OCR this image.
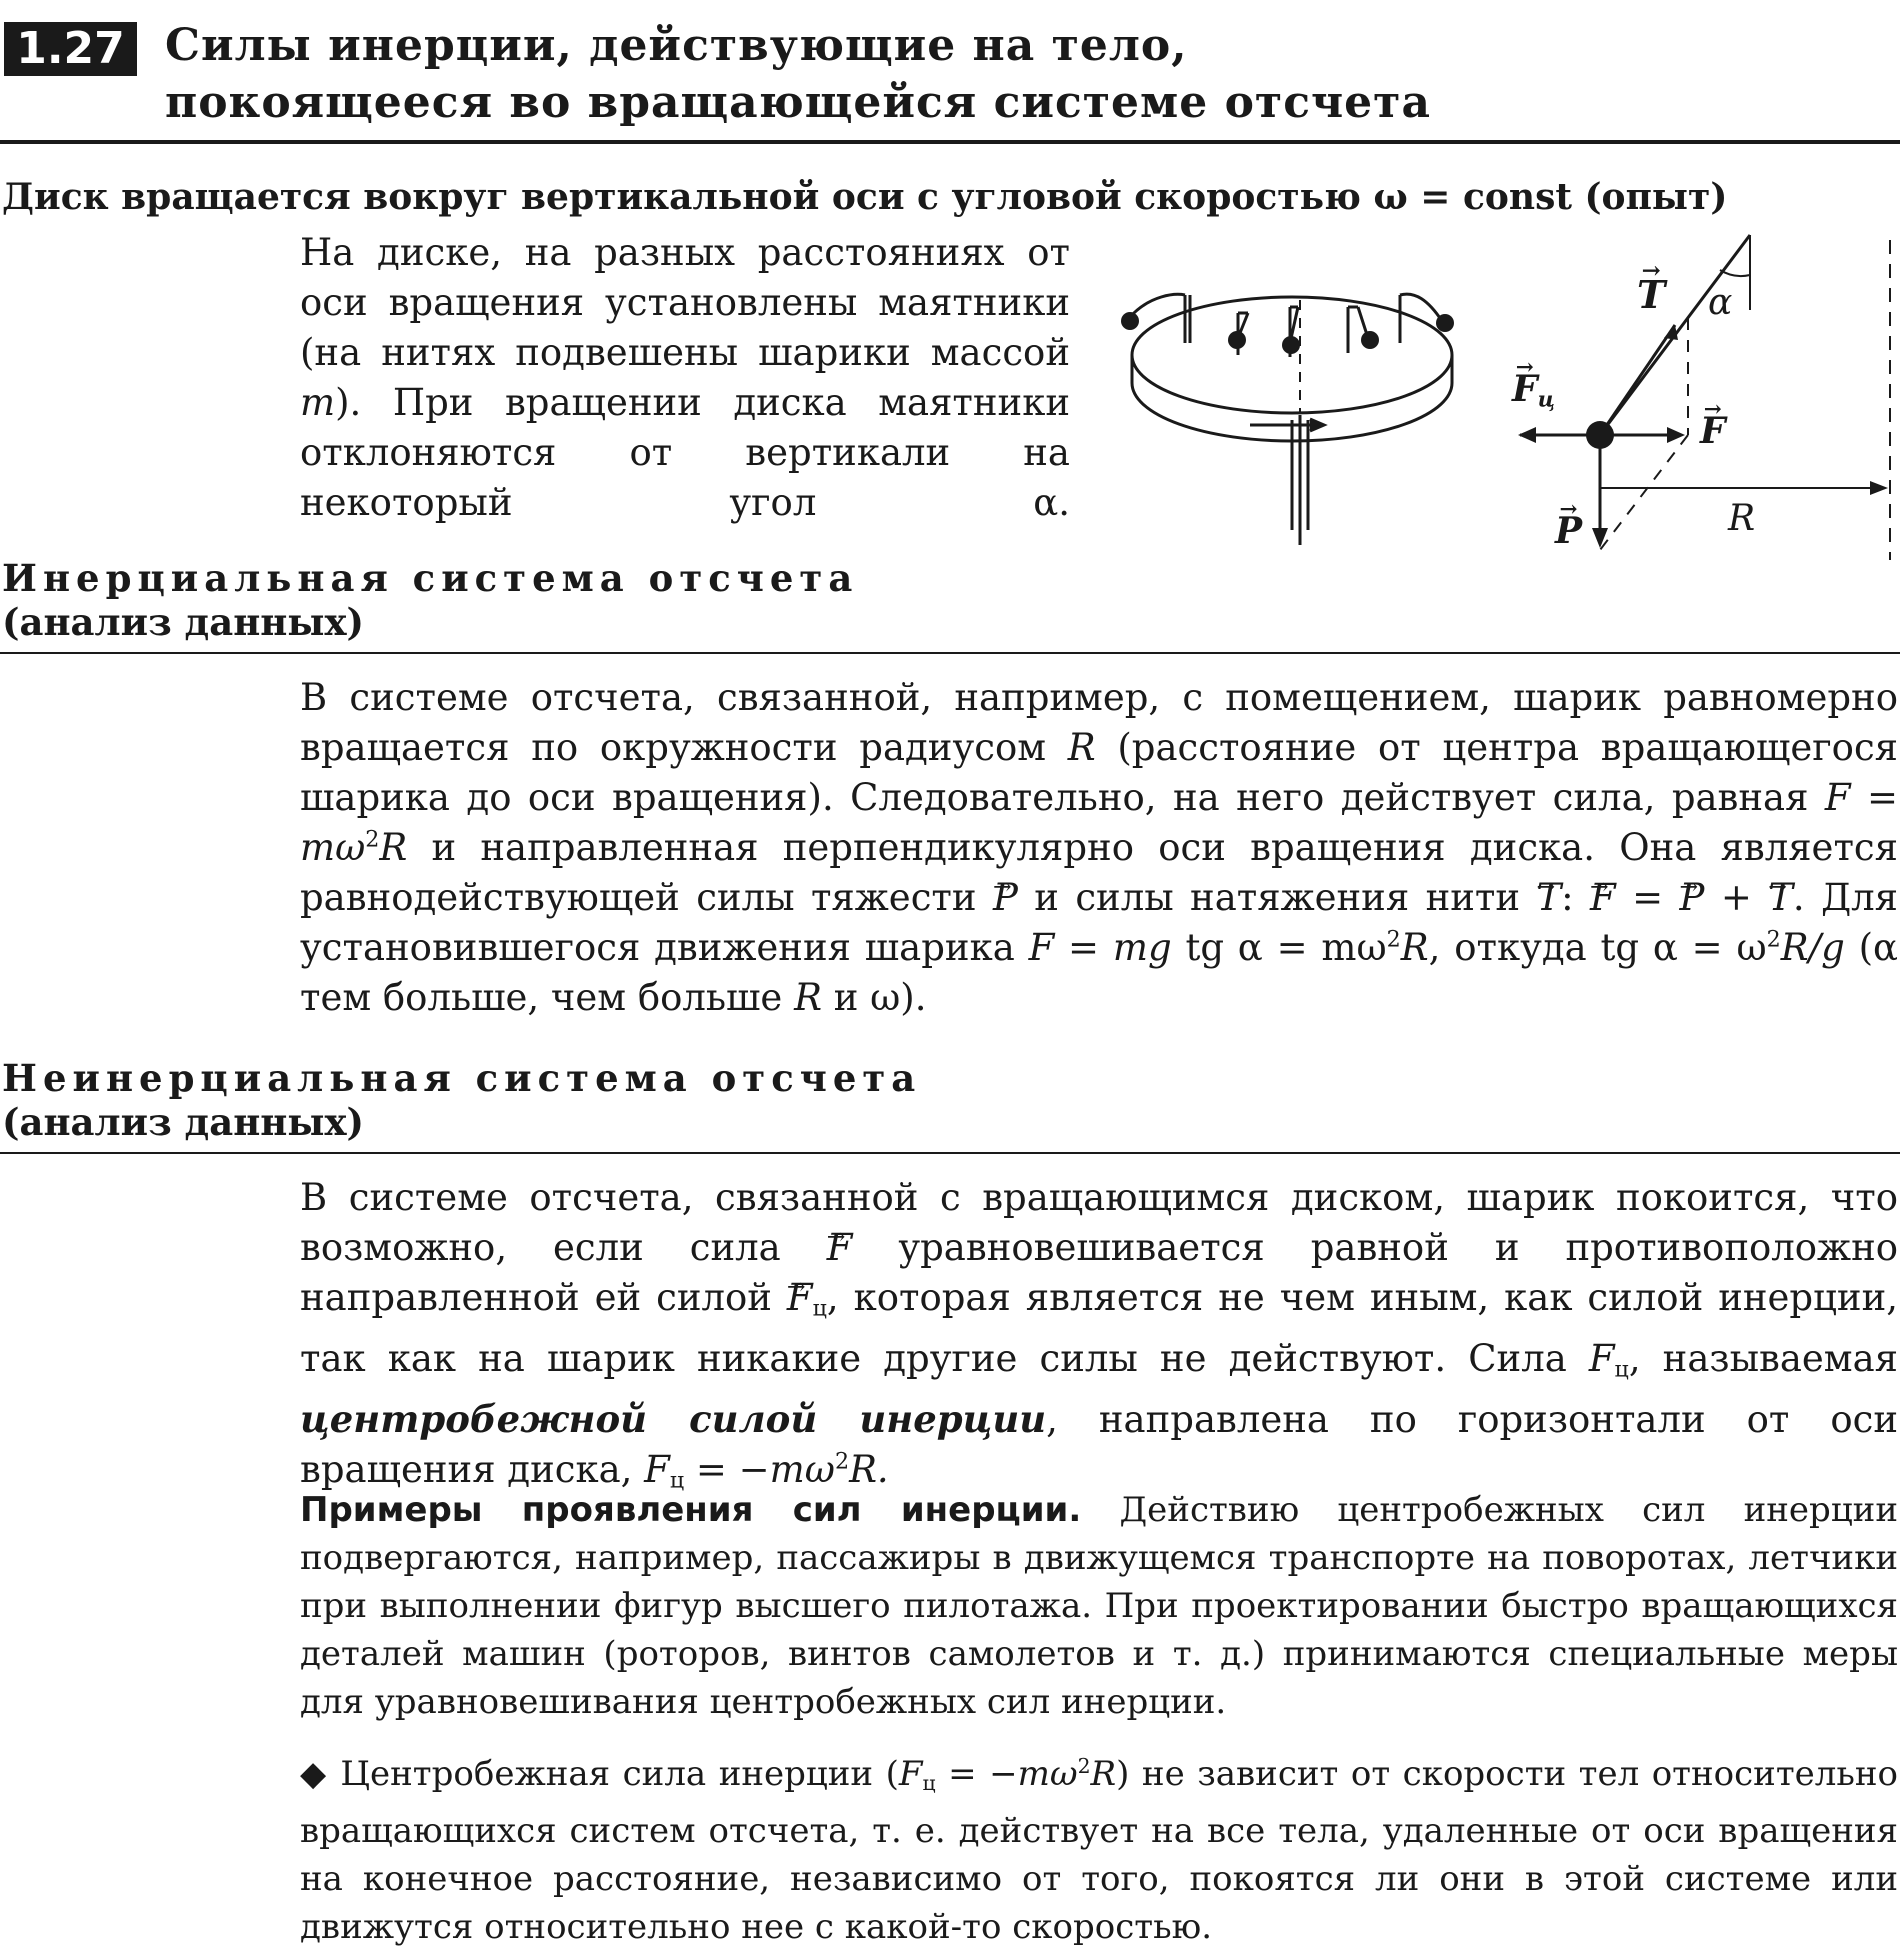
1.27 Силы инерции, действующие на тело,
покоящееся во вращающейся системе отсчета
Диск вращается вокруг вертикальной оси с угловой скоростью ω = const (опыт)
На диске, на разных расстояниях от оси вращения установлены маятники (на нитях подвешены шарики массой m). При вращении диска маятники отклоняются от вертикали на некоторый угол α.
→ T α
→ $F_ц$
→ F
→ P	R
Инерциальная система отсчета
(анализ данных)
В системе отсчета, связанной, например, с помещением, шарик равномерно вращается по окружности радиусом R (расстояние от центра вращающегося шарика до оси вращения). Следовательно, на него действует сила, равная $F = m\omega^2R$ и направленная перпендикулярно оси вращения диска. Она является равнодействующей силы тяжести → P и силы натяжения нити → T: → F = → P + → T. Для установившегося движения шарика F = mg tg $\alpha = m\omega^2R$, откуда tg $\alpha = \omega^2R/g$ (α тем больше, чем больше R и ω).
Неинерциальная система отсчета
(анализ данных)
В системе отсчета, связанной с вращающимся диском, шарик покоится, что возможно, если сила → F уравновешивается равной и противоположно направленной ей силой → $F_ц$, которая является не чем иным, как силой инерции, так как на шарик никакие другие силы не действуют. Сила $F_ц$, называемая центробежной силой инерции, направлена по горизонтали от оси вращения диска, $F_ц = -m\omega^2R$.
Примеры проявления сил инерции. Действию центробежных сил инерции подвергаются, например, пассажиры в движущемся транспорте на поворотах, летчики при выполнении фигур высшего пилотажа. При проектировании быстро вращающихся деталей машин (роторов, винтов самолетов и т. д.) принимаются специальные меры для уравновешивания центробежных сил инерции.
◆ Центробежная сила инерции $(F_ц = -m\omega^2R)$ не зависит от скорости тел относительно вращающихся систем отсчета, т. е. действует на все тела, удаленные от оси вращения на конечное расстояние, независимо от того, покоятся ли они в этой системе или движутся относительно нее с какой-то скоростью.
